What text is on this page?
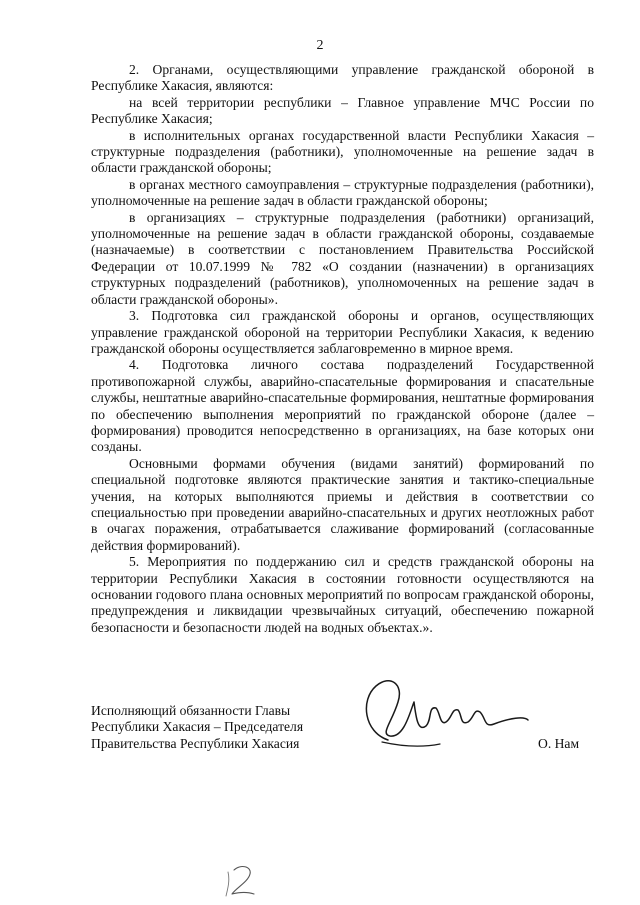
2

2. Органами, осуществляющими управление гражданской обороной в Республике Хакасия, являются:

на всей территории республики – Главное управление МЧС России по Республике Хакасия;

в исполнительных органах государственной власти Республики Хакасия – структурные подразделения (работники), уполномоченные на решение задач в области гражданской обороны;

в органах местного самоуправления – структурные подразделения (работники), уполномоченные на решение задач в области гражданской обороны;

в организациях – структурные подразделения (работники) организаций, уполномоченные на решение задач в области гражданской обороны, создаваемые (назначаемые) в соответствии с постановлением Правительства Российской Федерации от 10.07.1999 № 782 «О создании (назначении) в организациях структурных подразделений (работников), уполномоченных на решение задач в области гражданской обороны».

3. Подготовка сил гражданской обороны и органов, осуществляющих управление гражданской обороной на территории Республики Хакасия, к ведению гражданской обороны осуществляется заблаговременно в мирное время.

4. Подготовка личного состава подразделений Государственной противопожарной службы, аварийно-спасательные формирования и спасательные службы, нештатные аварийно-спасательные формирования, нештатные формирования по обеспечению выполнения мероприятий по гражданской обороне (далее – формирования) проводится непосредственно в организациях, на базе которых они созданы.

Основными формами обучения (видами занятий) формирований по специальной подготовке являются практические занятия и тактико-специальные учения, на которых выполняются приемы и действия в соответствии со специальностью при проведении аварийно-спасательных и других неотложных работ в очагах поражения, отрабатывается слаживание формирований (согласованные действия формирований).

5. Мероприятия по поддержанию сил и средств гражданской обороны на территории Республики Хакасия в состоянии готовности осуществляются на основании годового плана основных мероприятий по вопросам гражданской обороны, предупреждения и ликвидации чрезвычайных ситуаций, обеспечению пожарной безопасности и безопасности людей на водных объектах.».

Исполняющий обязанности Главы
Республики Хакасия – Председателя
Правительства Республики Хакасия	О. Нам
